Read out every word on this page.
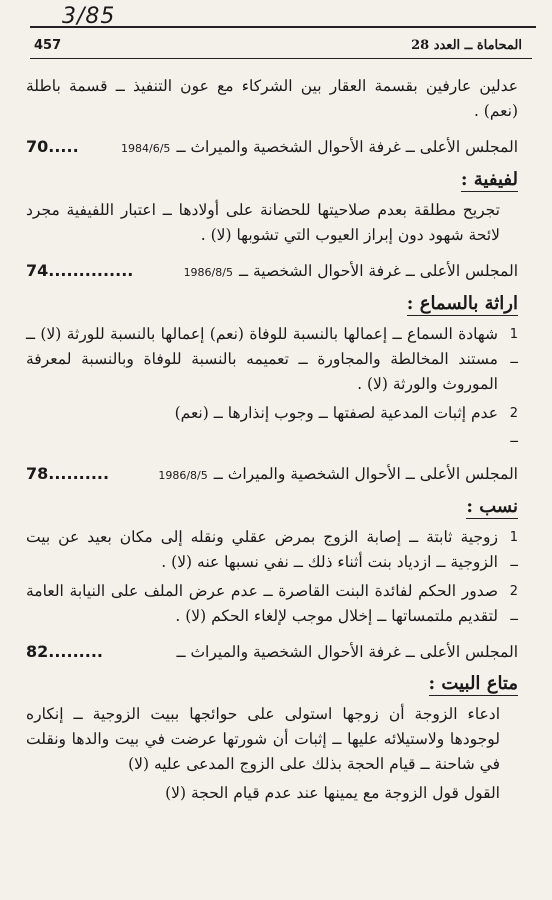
3/85
457	المحاماة ــ العدد 28

عدلين عارفين بقسمة العقار بين الشركاء مع عون التنفيذ ــ قسمة باطلة (نعم) .

المجلس الأعلى ــ غرفة الأحوال الشخصية والميراث ــ1984/6/5
70.....
لفيفية :

تجريح مطلقة بعدم صلاحيتها للحضانة على أولادها ــ اعتبار اللفيفية مجرد لائحة شهود دون إبراز العيوب التي تشوبها (لا) .

المجلس الأعلى ــ غرفة الأحوال الشخصية ــ1986/8/5
74..............
اراثة بالسماع :
1 ــ
شهادة السماع ــ إعمالها بالنسبة للوفاة (نعم) إعمالها بالنسبة للورثة (لا) ــ مستند المخالطة والمجاورة ــ تعميمه بالنسبة للوفاة وبالنسبة لمعرفة الموروث والورثة (لا) .
2 ــ
عدم إثبات المدعية لصفتها ــ وجوب إنذارها ــ (نعم)
المجلس الأعلى ــ الأحوال الشخصية والميراث ــ1986/8/5
78..........
نسب :
1 ــ
زوجية ثابتة ــ إصابة الزوج بمرض عقلي ونقله إلى مكان بعيد عن بيت الزوجية ــ ازدياد بنت أثناء ذلك ــ نفي نسبها عنه (لا) .
2 ــ
صدور الحكم لفائدة البنت القاصرة ــ عدم عرض الملف على النيابة العامة لتقديم ملتمساتها ــ إخلال موجب لإلغاء الحكم (لا) .
المجلس الأعلى ــ غرفة الأحوال الشخصية والميراث ــ
82.........
متاع البيت :

ادعاء الزوجة أن زوجها استولى على حوائجها ببيت الزوجية ــ إنكاره لوجودها ولاستيلائه عليها ــ إثبات أن شورتها عرضت في بيت والدها ونقلت في شاحنة ــ قيام الحجة بذلك على الزوج المدعى عليه (لا)

القول قول الزوجة مع يمينها عند عدم قيام الحجة (لا)
